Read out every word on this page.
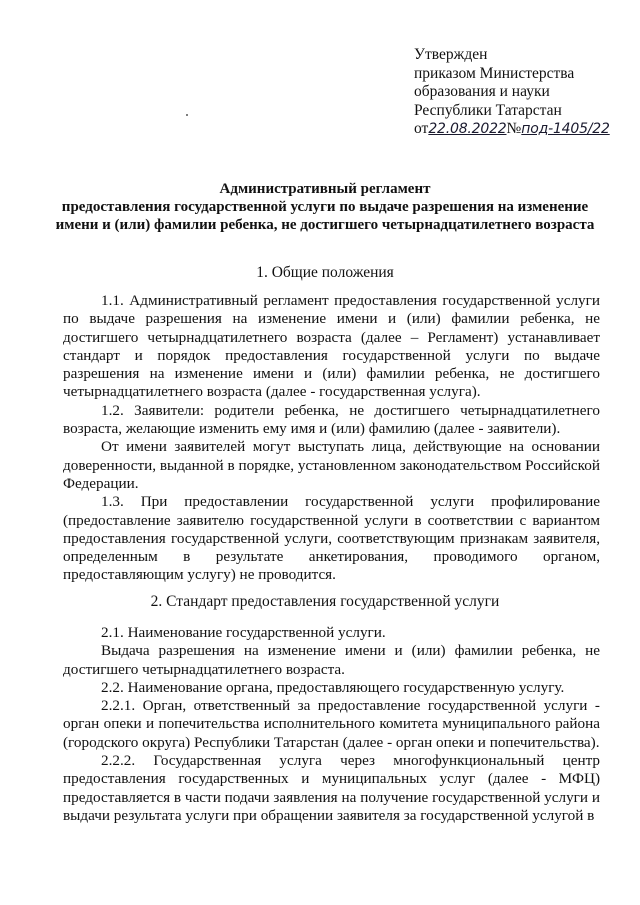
Утвержден
приказом Министерства
образования и науки
Республики Татарстан
от22.08.2022№под-1405/22
Административный регламент
предоставления государственной услуги по выдаче разрешения на изменение имени и (или) фамилии ребенка, не достигшего четырнадцатилетнего возраста
1. Общие положения

1.1. Административный регламент предоставления государственной услуги по выдаче разрешения на изменение имени и (или) фамилии ребенка, не достигшего четырнадцатилетнего возраста (далее – Регламент) устанавливает стандарт и порядок предоставления государственной услуги по выдаче разрешения на изменение имени и (или) фамилии ребенка, не достигшего четырнадцатилетнего возраста (далее - государственная услуга).

1.2. Заявители: родители ребенка, не достигшего четырнадцатилетнего возраста, желающие изменить ему имя и (или) фамилию (далее - заявители).

От имени заявителей могут выступать лица, действующие на основании доверенности, выданной в порядке, установленном законодательством Российской Федерации.

1.3. При предоставлении государственной услуги профилирование (предоставление заявителю государственной услуги в соответствии с вариантом предоставления государственной услуги, соответствующим признакам заявителя, определенным в результате анкетирования, проводимого органом, предоставляющим услугу) не проводится.

2. Стандарт предоставления государственной услуги

2.1. Наименование государственной услуги.

Выдача разрешения на изменение имени и (или) фамилии ребенка, не достигшего четырнадцатилетнего возраста.

2.2. Наименование органа, предоставляющего государственную услугу.

2.2.1. Орган, ответственный за предоставление государственной услуги - орган опеки и попечительства исполнительного комитета муниципального района (городского округа) Республики Татарстан (далее - орган опеки и попечительства).

2.2.2. Государственная услуга через многофункциональный центр предоставления государственных и муниципальных услуг (далее - МФЦ) предоставляется в части подачи заявления на получение государственной услуги и выдачи результата услуги при обращении заявителя за государственной услугой в
